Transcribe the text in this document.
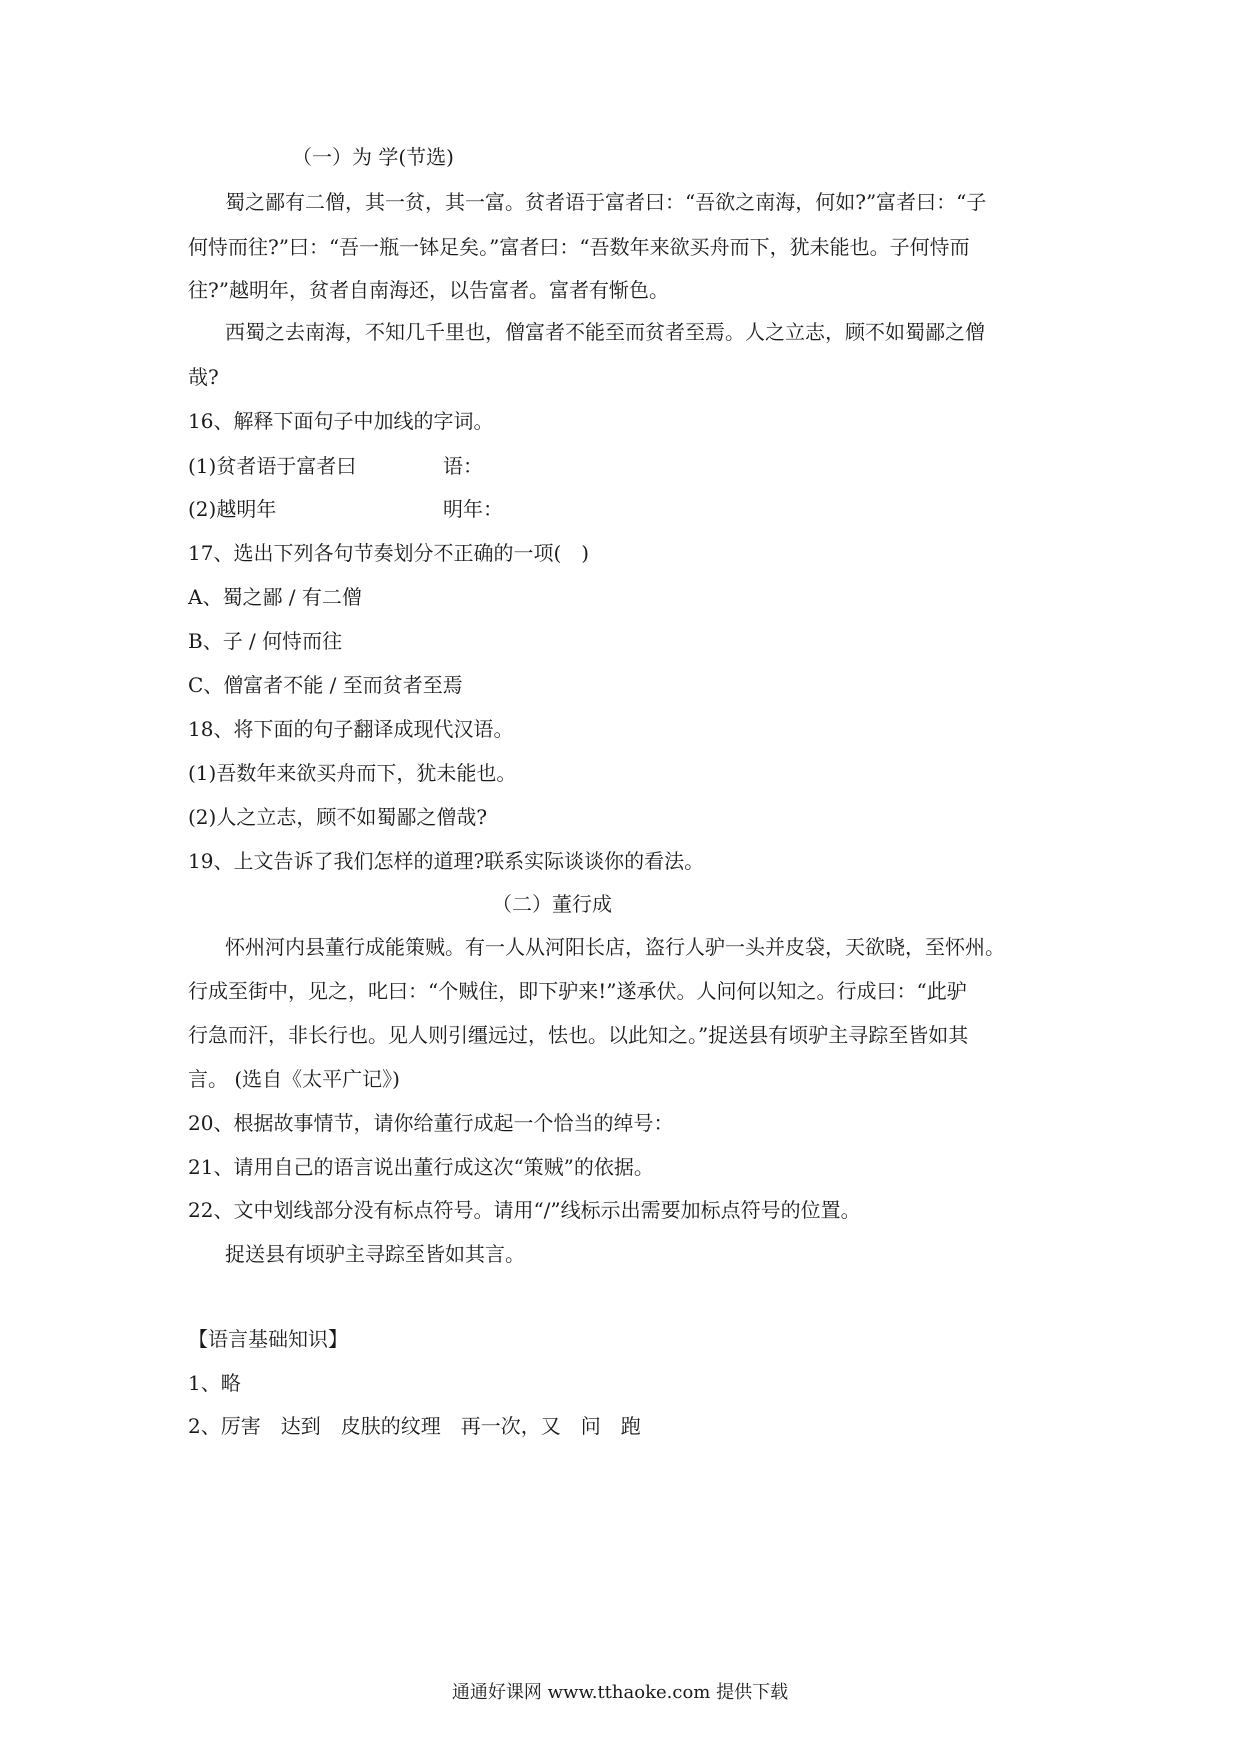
（一）为 学(节选)
蜀之鄙有二僧，其一贫，其一富。贫者语于富者曰：“吾欲之南海，何如?”富者曰：“子
何恃而往?”曰：“吾一瓶一钵足矣。”富者曰：“吾数年来欲买舟而下，犹未能也。子何恃而
往?”越明年，贫者自南海还，以告富者。富者有惭色。
西蜀之去南海，不知几千里也，僧富者不能至而贫者至焉。人之立志，顾不如蜀鄙之僧
哉?
16、解释下面句子中加线的字词。
(1)贫者语于富者曰	语：
(2)越明年	明年：
17、选出下列各句节奏划分不正确的一项(　)
A、蜀之鄙 / 有二僧
B、子 / 何恃而往
C、僧富者不能 / 至而贫者至焉
18、将下面的句子翻译成现代汉语。
(1)吾数年来欲买舟而下，犹未能也。
(2)人之立志，顾不如蜀鄙之僧哉?
19、上文告诉了我们怎样的道理?联系实际谈谈你的看法。
（二）董行成
怀州河内县董行成能策贼。有一人从河阳长店，盗行人驴一头并皮袋，天欲晓，至怀州。
行成至街中，见之，叱曰：“个贼住，即下驴来!”遂承伏。人问何以知之。行成曰：“此驴
行急而汗，非长行也。见人则引缰远过，怯也。以此知之。”捉送县有顷驴主寻踪至皆如其
言。 (选自《太平广记》)
20、根据故事情节，请你给董行成起一个恰当的绰号：
21、请用自己的语言说出董行成这次“策贼”的依据。
22、文中划线部分没有标点符号。请用“/”线标示出需要加标点符号的位置。
捉送县有顷驴主寻踪至皆如其言。
【语言基础知识】
1、略
2、厉害　达到　皮肤的纹理　再一次，又　问　跑
通通好课网 www.tthaoke.com 提供下载
